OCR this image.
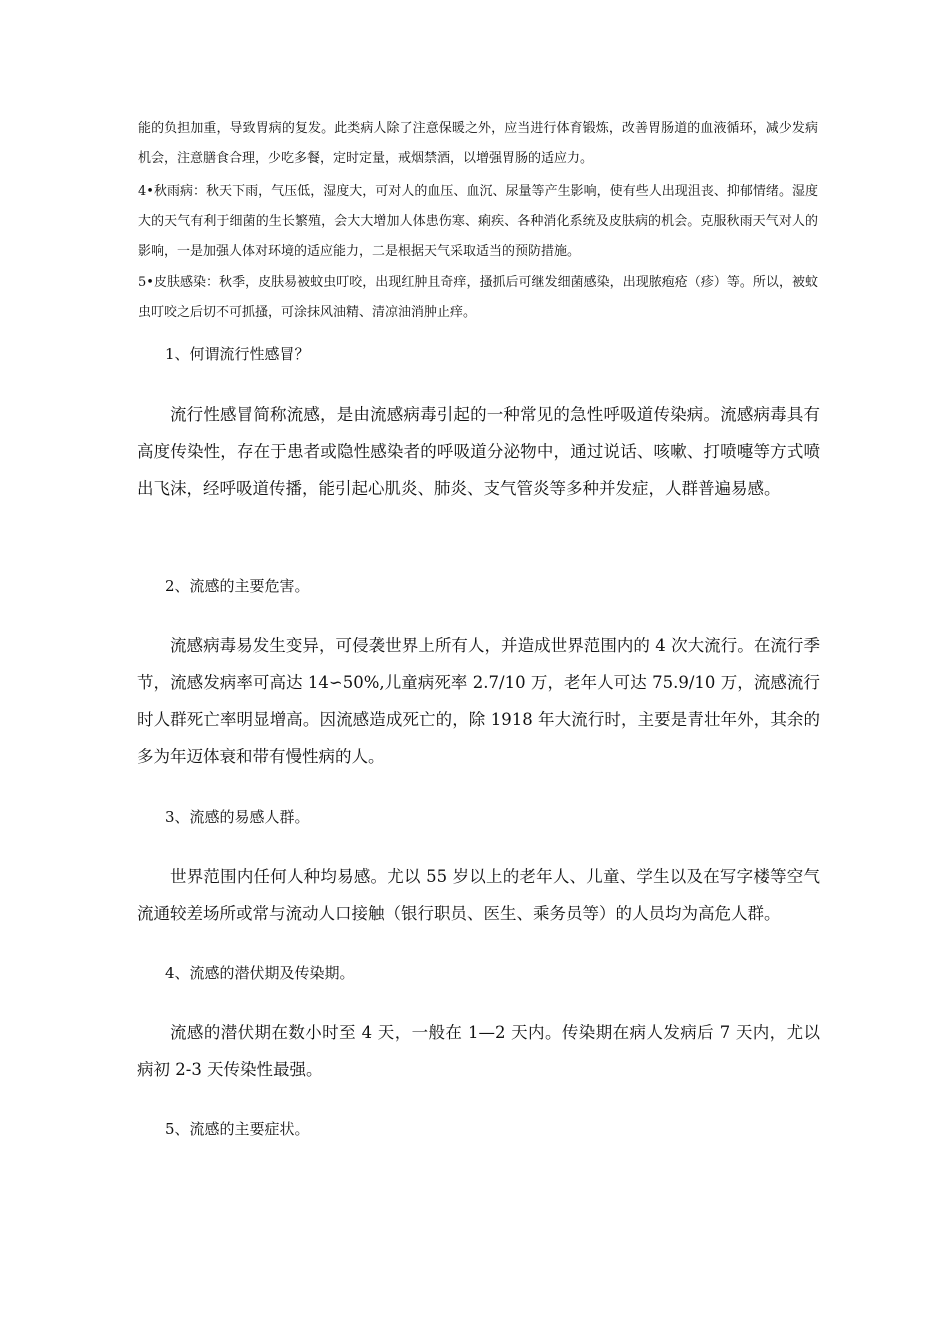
能的负担加重，导致胃病的复发。此类病人除了注意保暖之外，应当进行体育锻炼，改善胃肠道的血液循环，减少发病机会，注意膳食合理，少吃多餐，定时定量，戒烟禁酒，以增强胃肠的适应力。

4•秋雨病：秋天下雨，气压低，湿度大，可对人的血压、血沉、尿量等产生影响，使有些人出现沮丧、抑郁情绪。湿度大的天气有利于细菌的生长繁殖，会大大增加人体患伤寒、痢疾、各种消化系统及皮肤病的机会。克服秋雨天气对人的影响，一是加强人体对环境的适应能力，二是根据天气采取适当的预防措施。

5•皮肤感染：秋季，皮肤易被蚊虫叮咬，出现红肿且奇痒，搔抓后可继发细菌感染，出现脓疱疮（疹）等。所以，被蚊虫叮咬之后切不可抓搔，可涂抹风油精、清凉油消肿止痒。

1、何谓流行性感冒？

流行性感冒简称流感，是由流感病毒引起的一种常见的急性呼吸道传染病。流感病毒具有高度传染性，存在于患者或隐性感染者的呼吸道分泌物中，通过说话、咳嗽、打喷嚏等方式喷出飞沫，经呼吸道传播，能引起心肌炎、肺炎、支气管炎等多种并发症，人群普遍易感。

2、流感的主要危害。

流感病毒易发生变异，可侵袭世界上所有人，并造成世界范围内的 4 次大流行。在流行季节，流感发病率可高达 14∽50%,儿童病死率 2.7/10 万，老年人可达 75.9/10 万，流感流行时人群死亡率明显增高。因流感造成死亡的，除 1918 年大流行时，主要是青壮年外，其余的多为年迈体衰和带有慢性病的人。

3、流感的易感人群。

世界范围内任何人种均易感。尤以 55 岁以上的老年人、儿童、学生以及在写字楼等空气流通较差场所或常与流动人口接触（银行职员、医生、乘务员等）的人员均为高危人群。

4、流感的潜伏期及传染期。

流感的潜伏期在数小时至 4 天，一般在 1—2 天内。传染期在病人发病后 7 天内，尤以病初 2-3 天传染性最强。

5、流感的主要症状。
